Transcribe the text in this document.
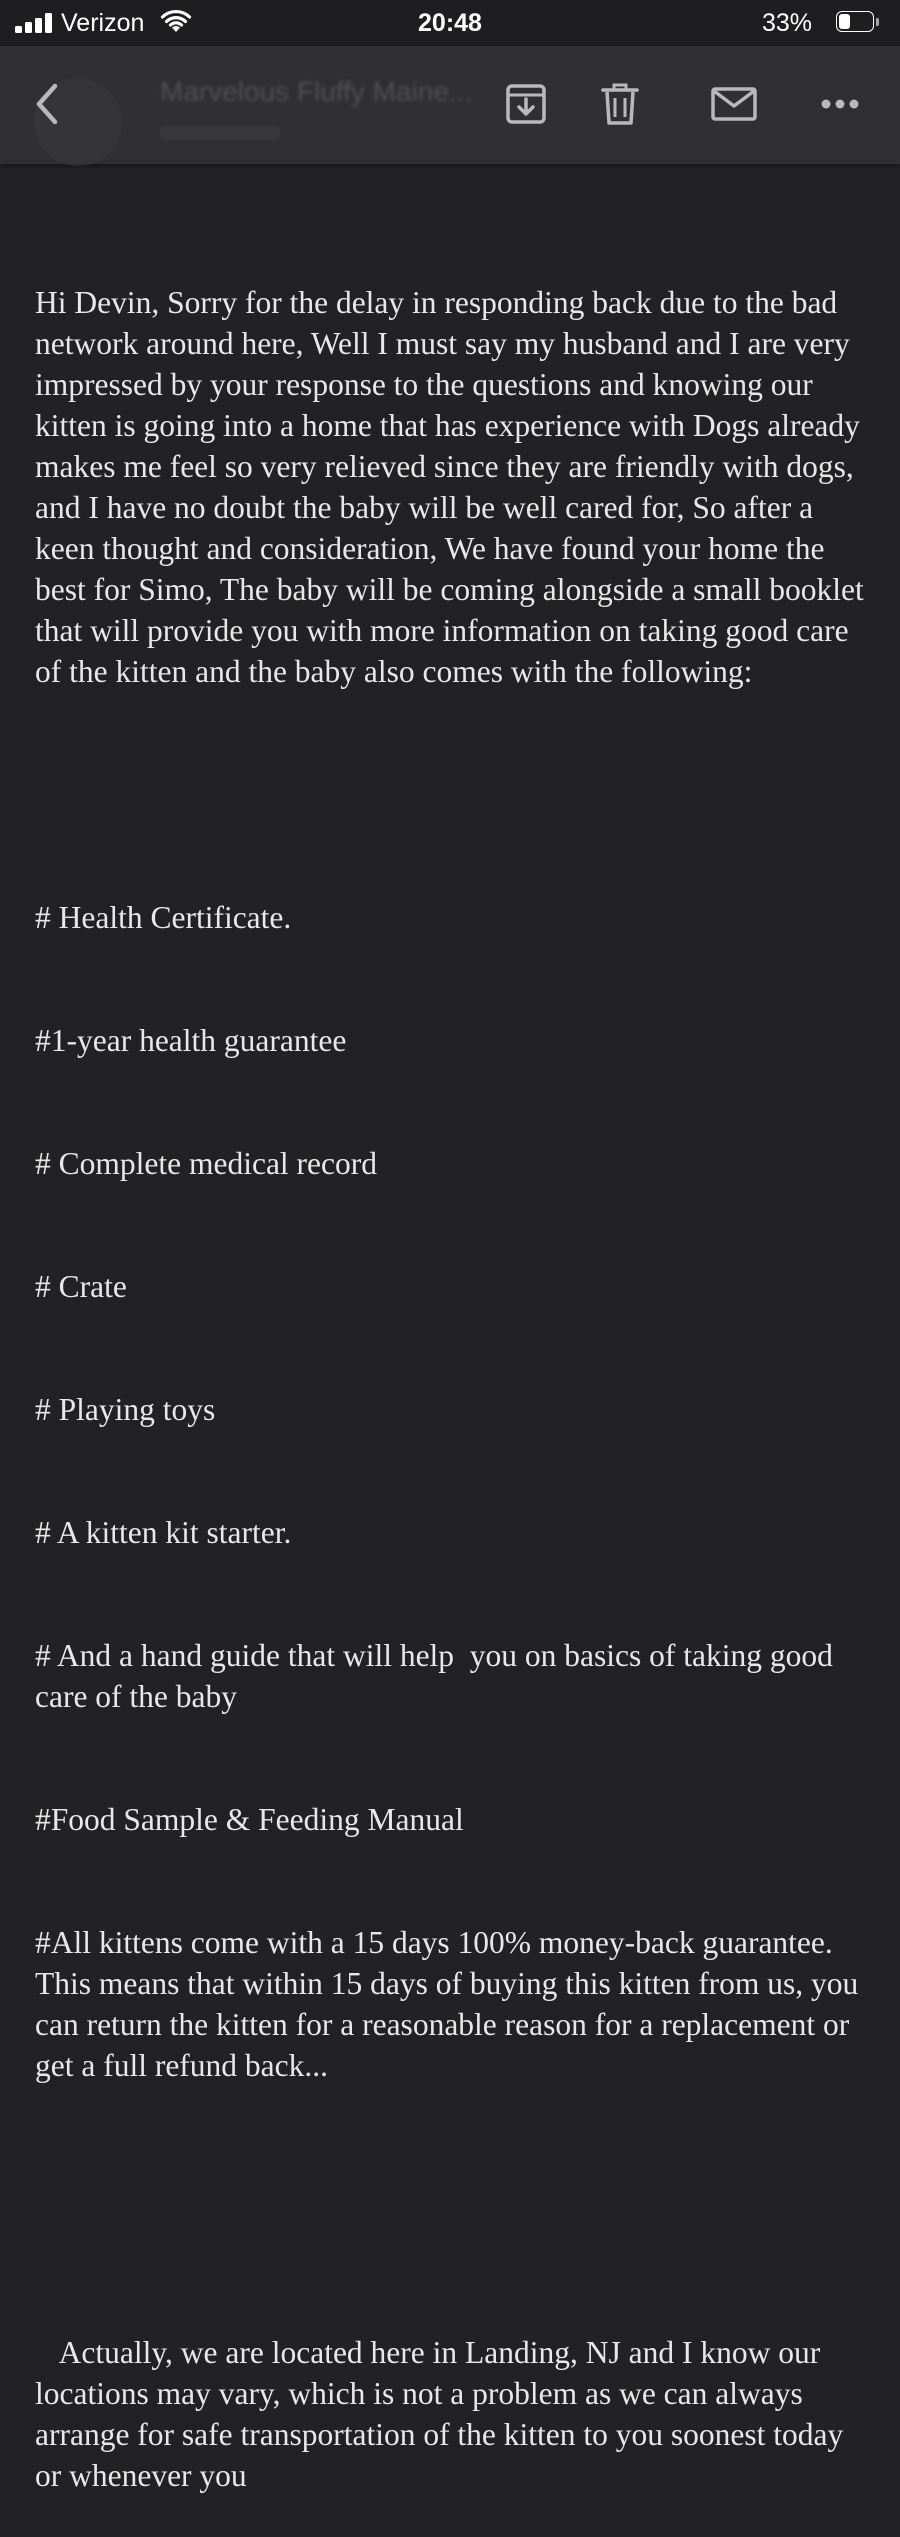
Verizon	20:48	33%
Marvelous Fluffy Maine...

Hi Devin, Sorry for the delay in responding back due to the bad network around here, Well I must say my husband and I are very impressed by your response to the questions and knowing our kitten is going into a home that has experience with Dogs already makes me feel so very relieved since they are friendly with dogs, and I have no doubt the baby will be well cared for, So after a keen thought and consideration, We have found your home the best for Simo, The baby will be coming alongside a small booklet that will provide you with more information on taking good care of the kitten and the baby also comes with the following:

# Health Certificate.

#1-year health guarantee

# Complete medical record

# Crate

# Playing toys

# A kitten kit starter.

# And a hand guide that will help  you on basics of taking good care of the baby

#Food Sample & Feeding Manual

#All kittens come with a 15 days 100% money-back guarantee. This means that within 15 days of buying this kitten from us, you can return the kitten for a reasonable reason for a replacement or get a full refund back...

Actually, we are located here in Landing, NJ and I know our locations may vary, which is not a problem as we can always arrange for safe transportation of the kitten to you soonest today or whenever you
